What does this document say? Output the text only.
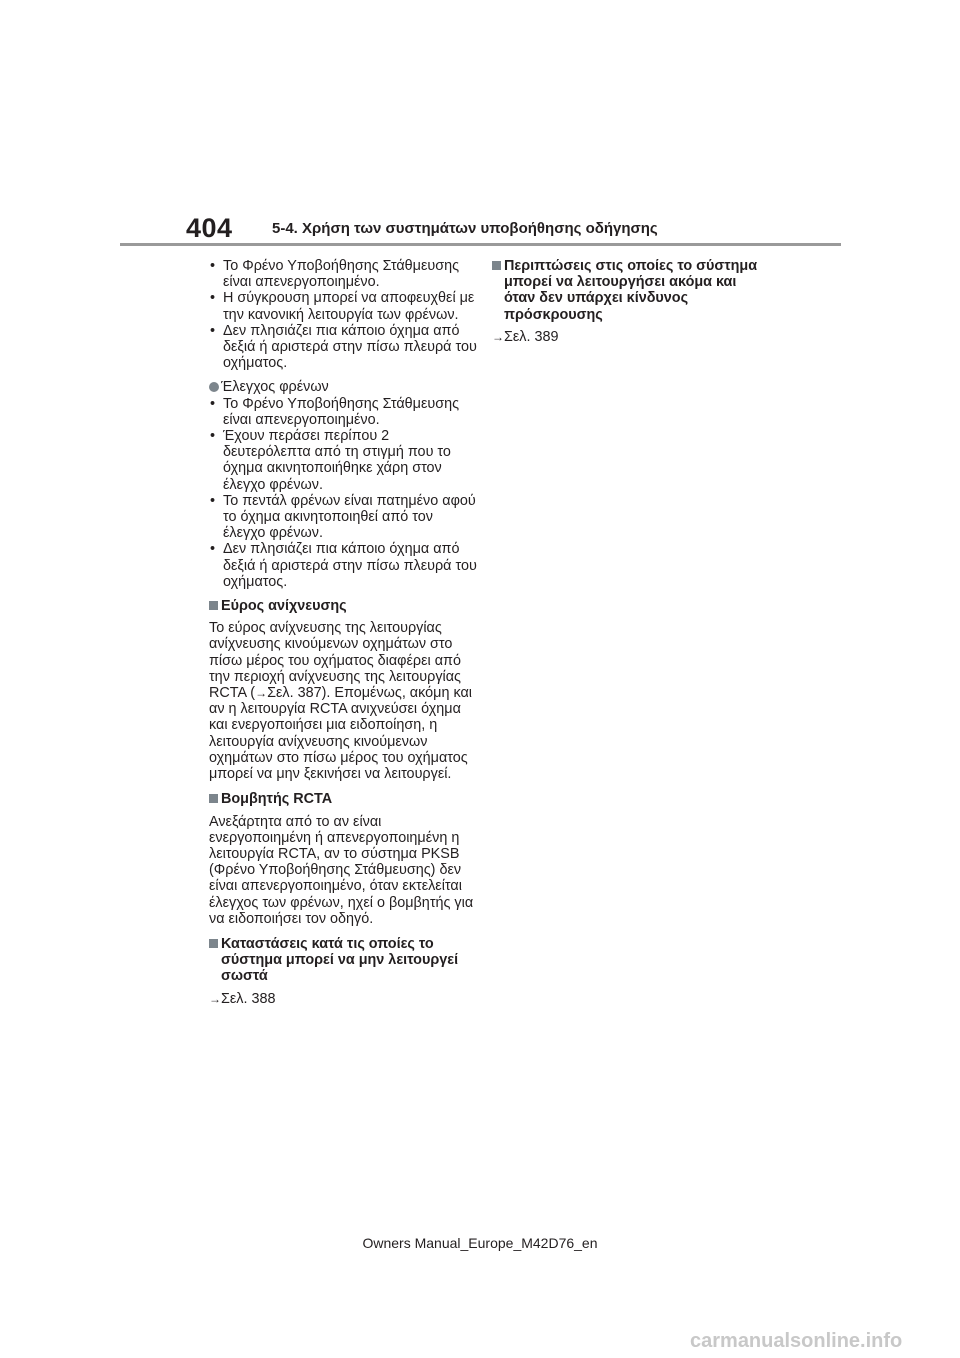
404	5-4. Χρήση των συστημάτων υποβοήθησης οδήγησης
• Το Φρένο Υποβοήθησης Στάθμευσης είναι απενεργοποιημένο.
• Η σύγκρουση μπορεί να αποφευχθεί με την κανονική λειτουργία των φρένων.
• Δεν πλησιάζει πια κάποιο όχημα από δεξιά ή αριστερά στην πίσω πλευρά του οχήματος.
Έλεγχος φρένων
• Το Φρένο Υποβοήθησης Στάθμευσης είναι απενεργοποιημένο.
• Έχουν περάσει περίπου 2 δευτερόλεπτα από τη στιγμή που το όχημα ακινητοποιήθηκε χάρη στον έλεγχο φρένων.
• Το πεντάλ φρένων είναι πατημένο αφού το όχημα ακινητοποιηθεί από τον έλεγχο φρένων.
• Δεν πλησιάζει πια κάποιο όχημα από δεξιά ή αριστερά στην πίσω πλευρά του οχήματος.
Εύρος ανίχνευσης

Το εύρος ανίχνευσης της λειτουργίας ανίχνευσης κινούμενων οχημάτων στο πίσω μέρος του οχήματος διαφέρει από την περιοχή ανίχνευσης της λειτουργίας RCTA (→Σελ. 387). Επομένως, ακόμη και αν η λειτουργία RCTA ανιχνεύσει όχημα και ενεργοποιήσει μια ειδοποίηση, η λειτουργία ανίχνευσης κινούμενων οχημάτων στο πίσω μέρος του οχήματος μπορεί να μην ξεκινήσει να λειτουργεί.

Βομβητής RCTA

Ανεξάρτητα από το αν είναι ενεργοποιημένη ή απενεργοποιημένη η λειτουργία RCTA, αν το σύστημα PKSB (Φρένο Υποβοήθησης Στάθμευσης) δεν είναι απενεργοποιημένο, όταν εκτελείται έλεγχος των φρένων, ηχεί ο βομβητής για να ειδοποιήσει τον οδηγό.

Καταστάσεις κατά τις οποίες το σύστημα μπορεί να μην λειτουργεί σωστά

→Σελ. 388

Περιπτώσεις στις οποίες το σύστημα μπορεί να λειτουργήσει ακόμα και όταν δεν υπάρχει κίνδυνος πρόσκρουσης

→Σελ. 389

Owners Manual_Europe_M42D76_en
carmanualsonline.info
